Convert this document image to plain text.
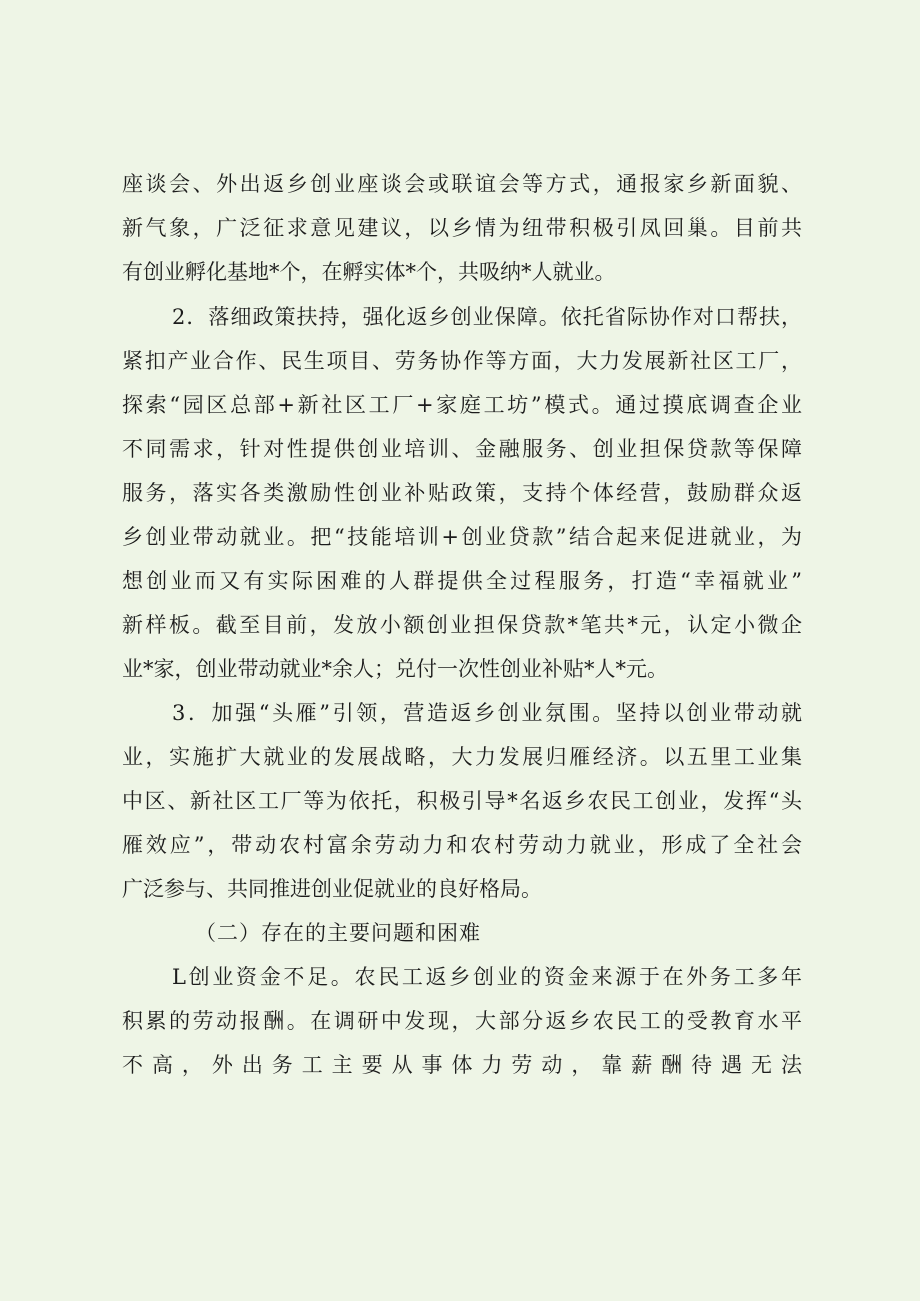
座谈会、外出返乡创业座谈会或联谊会等方式，通报家乡新面貌、
新气象，广泛征求意见建议，以乡情为纽带积极引凤回巢。目前共
有创业孵化基地*个，在孵实体*个，共吸纳*人就业。
2．落细政策扶持，强化返乡创业保障。依托省际协作对口帮扶，
紧扣产业合作、民生项目、劳务协作等方面，大力发展新社区工厂，
探索“园区总部+新社区工厂+家庭工坊”模式。通过摸底调查企业
不同需求，针对性提供创业培训、金融服务、创业担保贷款等保障
服务，落实各类激励性创业补贴政策，支持个体经营，鼓励群众返
乡创业带动就业。把“技能培训+创业贷款”结合起来促进就业，为
想创业而又有实际困难的人群提供全过程服务，打造“幸福就业”
新样板。截至目前，发放小额创业担保贷款*笔共*元，认定小微企
业*家，创业带动就业*余人；兑付一次性创业补贴*人*元。
3．加强“头雁”引领，营造返乡创业氛围。坚持以创业带动就
业，实施扩大就业的发展战略，大力发展归雁经济。以五里工业集
中区、新社区工厂等为依托，积极引导*名返乡农民工创业，发挥“头
雁效应”，带动农村富余劳动力和农村劳动力就业，形成了全社会
广泛参与、共同推进创业促就业的良好格局。
（二）存在的主要问题和困难
L创业资金不足。农民工返乡创业的资金来源于在外务工多年
积累的劳动报酬。在调研中发现，大部分返乡农民工的受教育水平
不高，外出务工主要从事体力劳动，靠薪酬待遇无法
